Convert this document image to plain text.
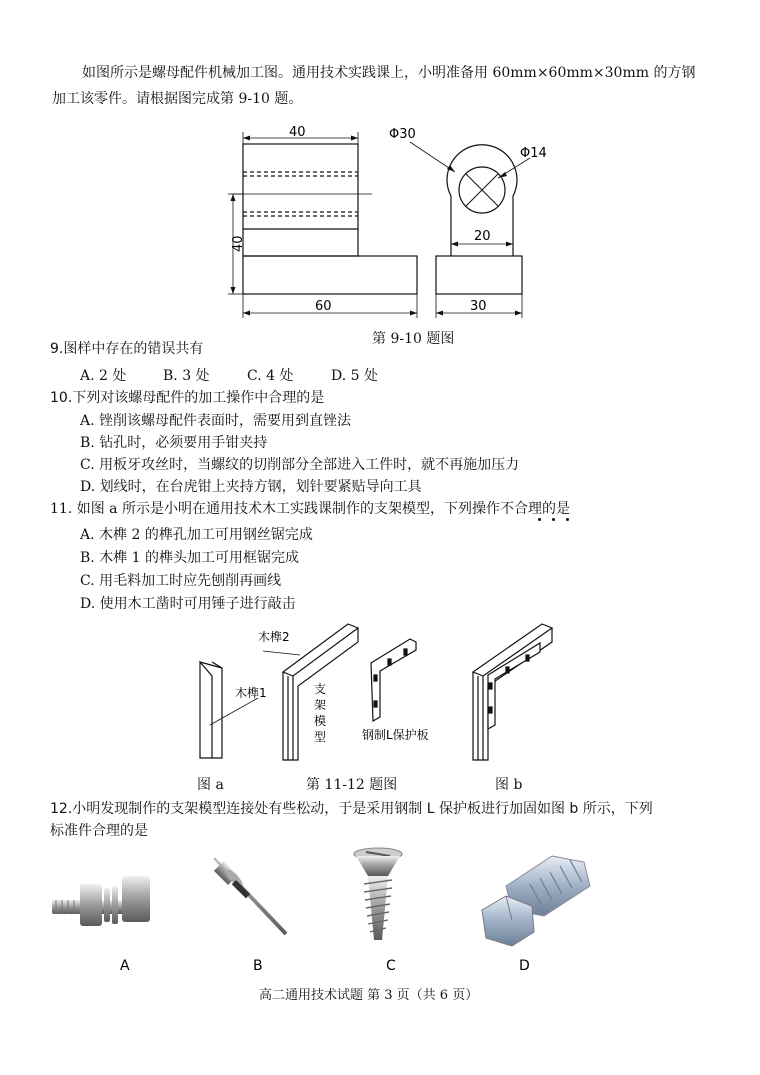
如图所示是螺母配件机械加工图。通用技术实践课上，小明准备用 60mm×60mm×30mm 的方钢
加工该零件。请根据图完成第 9-10 题。
40
40
60
Φ30
Φ14
20
30
第 9-10 题图
9.图样中存在的错误共有
A. 2 处	B. 3 处	C. 4 处	D. 5 处
10.下列对该螺母配件的加工操作中合理的是
A. 锉削该螺母配件表面时，需要用到直锉法
B. 钻孔时，必须要用手钳夹持
C. 用板牙攻丝时，当螺纹的切削部分全部进入工件时，就不再施加压力
D. 划线时，在台虎钳上夹持方钢，划针要紧贴导向工具
11. 如图 a 所示是小明在通用技术木工实践课制作的支架模型，下列操作不合理的是
A. 木榫 2 的榫孔加工可用钢丝锯完成
B. 木榫 1 的榫头加工可用框锯完成
C. 用毛料加工时应先刨削再画线
D. 使用木工凿时可用锤子进行敲击
木榫2
木榫1	支
架
模
型	钢制L保护板
图 a	第 11-12 题图	图 b
12.小明发现制作的支架模型连接处有些松动，于是采用钢制 L 保护板进行加固如图 b 所示，下列
标准件合理的是
A	B	C	D
高二通用技术试题 第 3 页（共 6 页）
